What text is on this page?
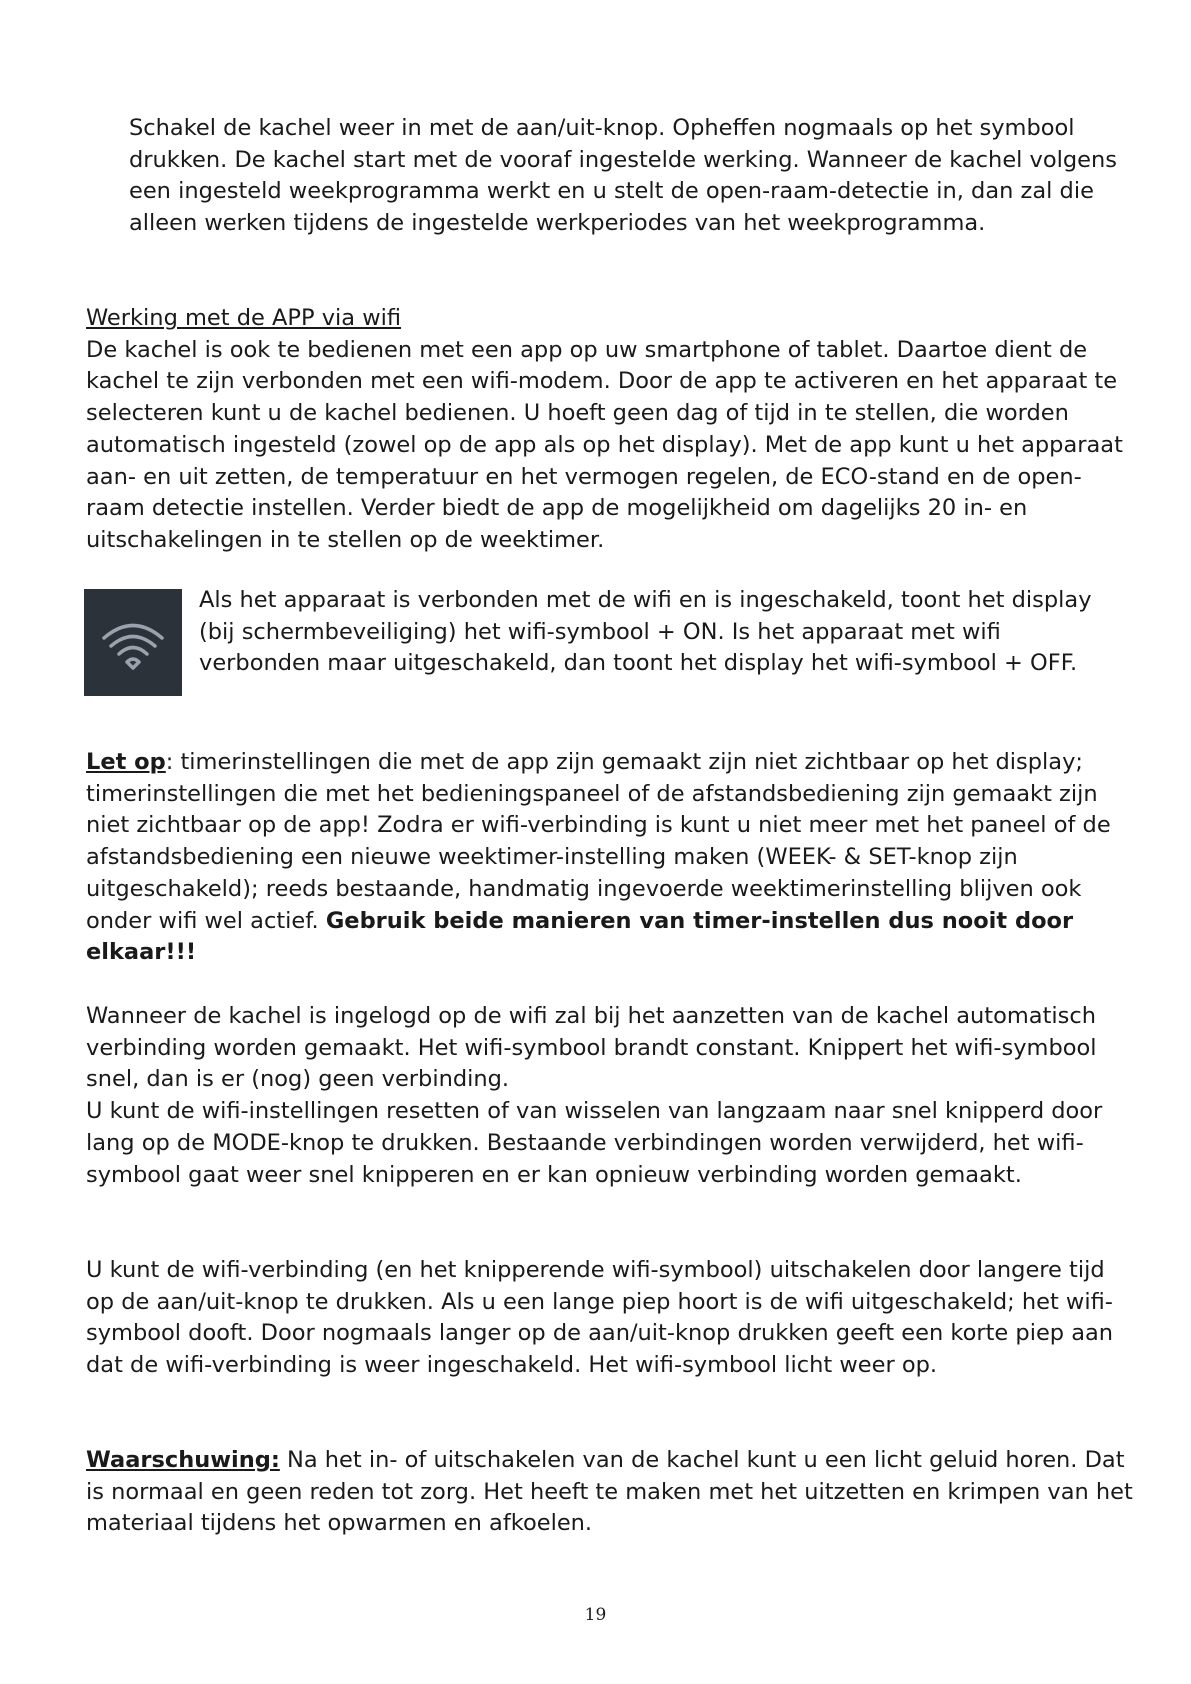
Schakel de kachel weer in met de aan/uit-knop. Opheffen nogmaals op het symbool drukken. De kachel start met de vooraf ingestelde werking. Wanneer de kachel volgens een ingesteld weekprogramma werkt en u stelt de open-raam-detectie in, dan zal die alleen werken tijdens de ingestelde werkperiodes van het weekprogramma.

Werking met de APP via wifi
De kachel is ook te bedienen met een app op uw smartphone of tablet. Daartoe dient de kachel te zijn verbonden met een wifi-modem. Door de app te activeren en het apparaat te selecteren kunt u de kachel bedienen. U hoeft geen dag of tijd in te stellen, die worden automatisch ingesteld (zowel op de app als op het display). Met de app kunt u het apparaat aan- en uit zetten, de temperatuur en het vermogen regelen, de ECO-stand en de open-raam detectie instellen. Verder biedt de app de mogelijkheid om dagelijks 20 in- en uitschakelingen in te stellen op de weektimer.

Als het apparaat is verbonden met de wifi en is ingeschakeld, toont het display (bij schermbeveiliging) het wifi-symbool + ON. Is het apparaat met wifi verbonden maar uitgeschakeld, dan toont het display het wifi-symbool + OFF.

Let op: timerinstellingen die met de app zijn gemaakt zijn niet zichtbaar op het display; timerinstellingen die met het bedieningspaneel of de afstandsbediening zijn gemaakt zijn niet zichtbaar op de app! Zodra er wifi-verbinding is kunt u niet meer met het paneel of de afstandsbediening een nieuwe weektimer-instelling maken (WEEK- & SET-knop zijn uitgeschakeld); reeds bestaande, handmatig ingevoerde weektimerinstelling blijven ook onder wifi wel actief. Gebruik beide manieren van timer-instellen dus nooit door elkaar!!!

Wanneer de kachel is ingelogd op de wifi zal bij het aanzetten van de kachel automatisch verbinding worden gemaakt. Het wifi-symbool brandt constant. Knippert het wifi-symbool snel, dan is er (nog) geen verbinding.
U kunt de wifi-instellingen resetten of van wisselen van langzaam naar snel knipperd door lang op de MODE-knop te drukken. Bestaande verbindingen worden verwijderd, het wifi-symbool gaat weer snel knipperen en er kan opnieuw verbinding worden gemaakt.

U kunt de wifi-verbinding (en het knipperende wifi-symbool) uitschakelen door langere tijd op de aan/uit-knop te drukken. Als u een lange piep hoort is de wifi uitgeschakeld; het wifi-symbool dooft. Door nogmaals langer op de aan/uit-knop drukken geeft een korte piep aan dat de wifi-verbinding is weer ingeschakeld. Het wifi-symbool licht weer op.

Waarschuwing: Na het in- of uitschakelen van de kachel kunt u een licht geluid horen. Dat is normaal en geen reden tot zorg. Het heeft te maken met het uitzetten en krimpen van het materiaal tijdens het opwarmen en afkoelen.

19
